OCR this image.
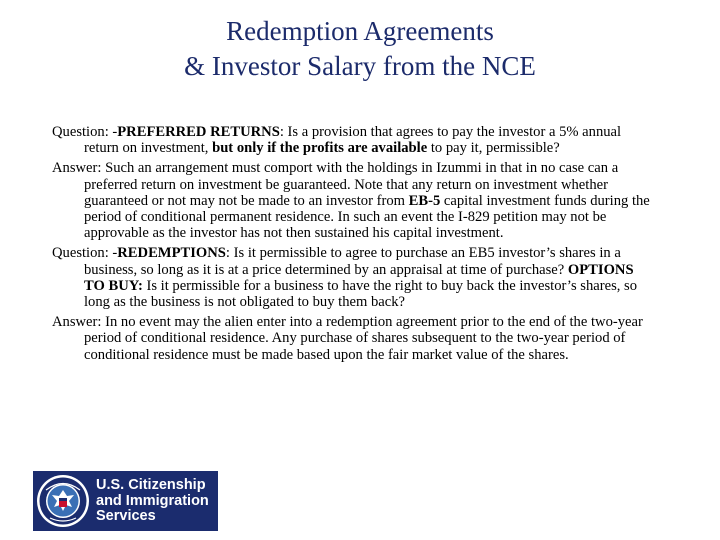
Redemption Agreements
& Investor Salary from the NCE
Question: -PREFERRED RETURNS: Is a provision that agrees to pay the investor a 5% annual return on investment, but only if the profits are available to pay it, permissible?
Answer: Such an arrangement must comport with the holdings in Izummi in that in no case can a preferred return on investment be guaranteed. Note that any return on investment whether guaranteed or not may not be made to an investor from EB-5 capital investment funds during the period of conditional permanent residence. In such an event the I-829 petition may not be approvable as the investor has not then sustained his capital investment.
Question: -REDEMPTIONS: Is it permissible to agree to purchase an EB5 investor’s shares in a business, so long as it is at a price determined by an appraisal at time of purchase? OPTIONS TO BUY: Is it permissible for a business to have the right to buy back the investor’s shares, so long as the business is not obligated to buy them back?
Answer: In no event may the alien enter into a redemption agreement prior to the end of the two-year period of conditional residence. Any purchase of shares subsequent to the two-year period of conditional residence must be made based upon the fair market value of the shares.
U.S. Citizenship
and Immigration
Services
